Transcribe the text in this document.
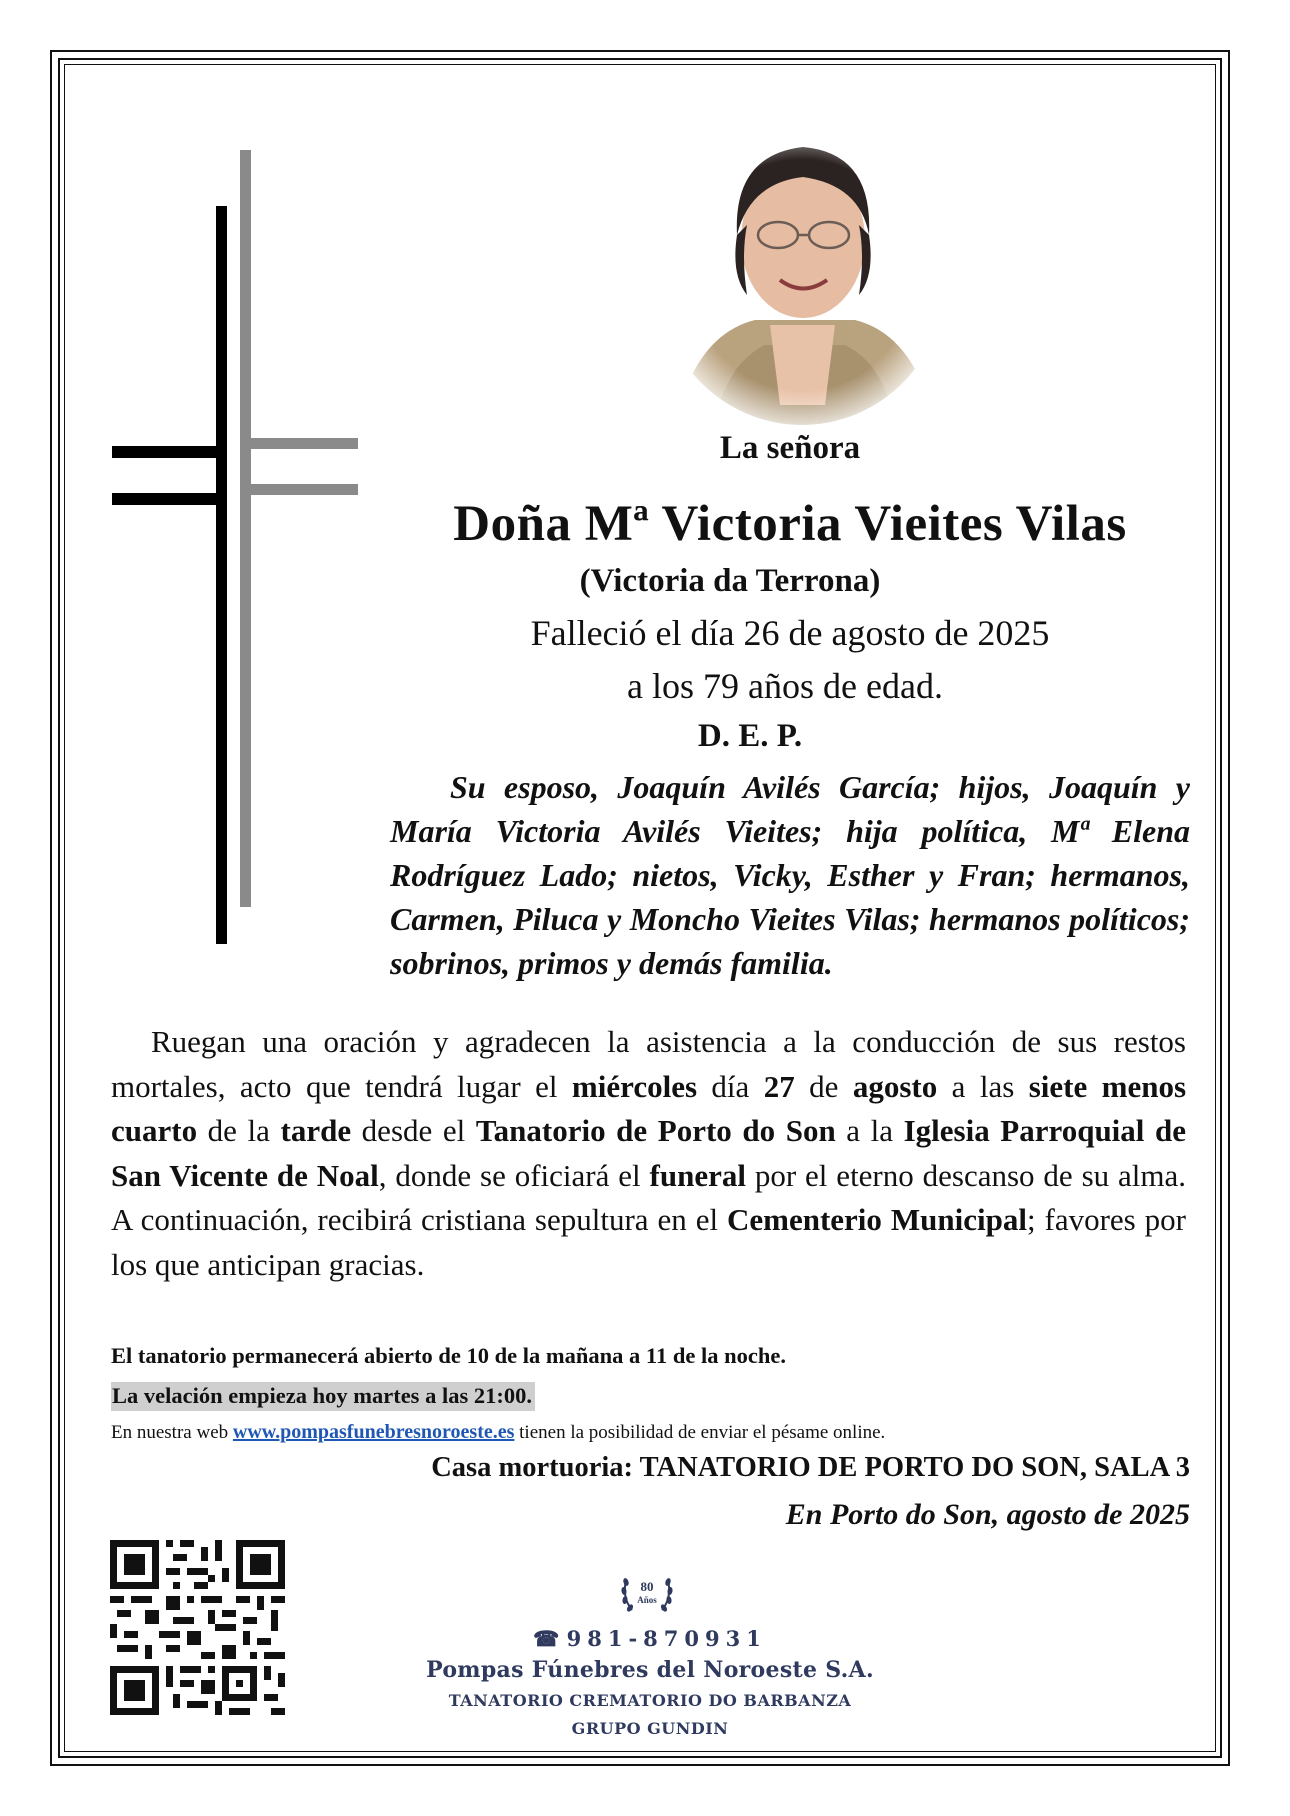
La señora
Doña Mª Victoria Vieites Vilas
(Victoria da Terrona)
Falleció el día 26 de agosto de 2025
a los 79 años de edad.
D. E. P.
Su esposo, Joaquín Avilés García; hijos, Joaquín y María Victoria Avilés Vieites; hija política, Mª Elena Rodríguez Lado; nietos, Vicky, Esther y Fran; hermanos, Carmen, Piluca y Moncho Vieites Vilas; hermanos políticos; sobrinos, primos y demás familia.
Ruegan una oración y agradecen la asistencia a la conducción de sus restos mortales, acto que tendrá lugar el miércoles día 27 de agosto a las siete menos cuarto de la tarde desde el Tanatorio de Porto do Son a la Iglesia Parroquial de San Vicente de Noal, donde se oficiará el funeral por el eterno descanso de su alma. A continuación, recibirá cristiana sepultura en el Cementerio Municipal; favores por los que anticipan gracias.
El tanatorio permanecerá abierto de 10 de la mañana a 11 de la noche.
La velación empieza hoy martes a las 21:00.
En nuestra web www.pompasfunebresnoroeste.es tienen la posibilidad de enviar el pésame online.
Casa mortuoria: TANATORIO DE PORTO DO SON, SALA 3
En Porto do Son, agosto de 2025
80
Años
☎ 981-870931
Pompas Fúnebres del Noroeste S.A.
TANATORIO CREMATORIO DO BARBANZA
GRUPO GUNDIN
